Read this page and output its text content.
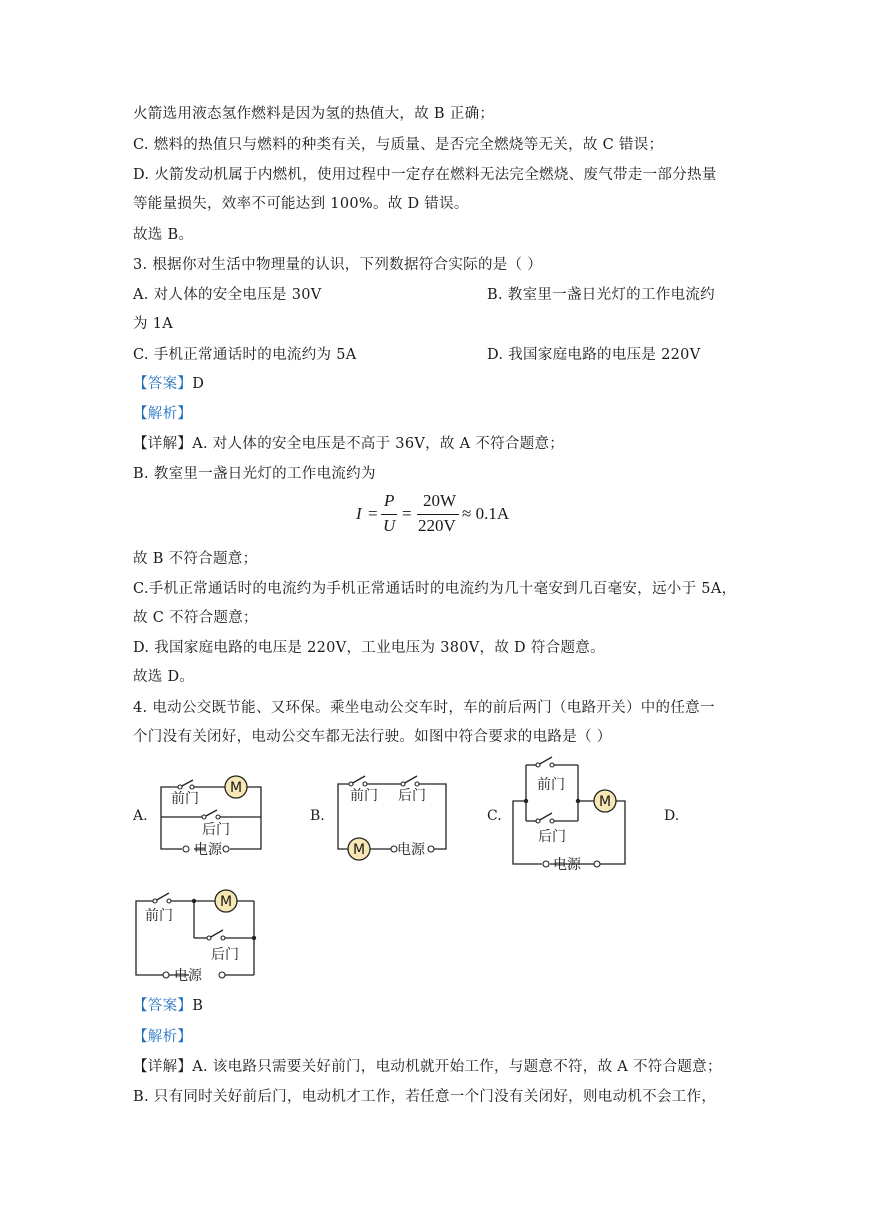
火箭选用液态氢作燃料是因为氢的热值大，故 B 正确；
C. 燃料的热值只与燃料的种类有关，与质量、是否完全燃烧等无关，故 C 错误；
D. 火箭发动机属于内燃机，使用过程中一定存在燃料无法完全燃烧、废气带走一部分热量
等能量损失，效率不可能达到 100%。故 D 错误。
故选 B。
3. 根据你对生活中物理量的认识，下列数据符合实际的是（ ）
A. 对人体的安全电压是 30V	B. 教室里一盏日光灯的工作电流约
为 1A
C. 手机正常通话时的电流约为 5A	D. 我国家庭电路的电压是 220V
【答案】D
【解析】
【详解】A. 对人体的安全电压是不高于 36V，故 A 不符合题意；
B. 教室里一盏日光灯的工作电流约为
I =
P
U
=
20W
220V
≈ 0.1A
故 B 不符合题意；
C.手机正常通话时的电流约为手机正常通话时的电流约为几十毫安到几百毫安，远小于 5A，
故 C 不符合题意；
D. 我国家庭电路的电压是 220V，工业电压为 380V，故 D 符合题意。
故选 D。
4. 电动公交既节能、又环保。乘坐电动公交车时，车的前后两门（电路开关）中的任意一
个门没有关闭好，电动公交车都无法行驶。如图中符合要求的电路是（ ）
A.	B.	C.	D.
M
前门
后门
电源	M
前门 后门
电源
M
前门
后门
电源
M
前门
后门
电源
【答案】B
【解析】
【详解】A. 该电路只需要关好前门，电动机就开始工作，与题意不符，故 A 不符合题意；
B. 只有同时关好前后门，电动机才工作，若任意一个门没有关闭好，则电动机不会工作，
